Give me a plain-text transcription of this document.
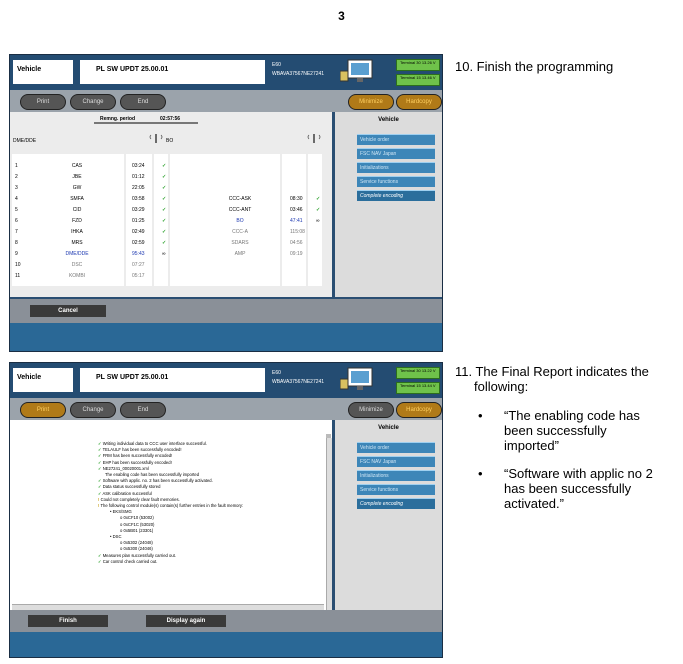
3
Vehicle	PL SW UPDT 25.00.01
E60
WBAVA37567NE27241
Terminal 30 13.26 V
Terminal 15 13.46 V
Print	Change	End	Minimize	Hardcopy
Remng. period	02:57:56
DME/DDE	BO
1	CAS	03:24	✓
2	JBE	01:12	✓
3	GW	22:05	✓
4	SMFA	03:58	✓	CCC-ASK	08:30	✓
5	CID	03:29	✓	CCC-ANT	03:46	✓
6	FZD	01:25	✓	BO	47:41	∞
7	IHKA	02:49	✓	CCC-A	115:08
8	MRS	02:59	✓	SDARS	04:56
9	DME/DDE	95:43	∞	AMP	09:19
10	DSC	07:27
11	KOMBI	05:17
Vehicle
Vehicle order
FSC NAV Japan
Initializations
Service functions
Complete encoding
Cancel
Vehicle	PL SW UPDT 25.00.01
E60
WBAVA37567NE27241
Terminal 30 13.22 V
Terminal 15 13.44 V
Print	Change	End	Minimize	Hardcopy
✓ Writing individual data to CCC user interface successful.
✓ TELAULF has been successfully encoded!
✓ FRM has been successfully encoded!
✓ EHP has been successfully encoded!
✓ NE27241_00020001.xml
The enabling code has been successfully imported
✓ Software with applic. no. 2 has been successfully activated.
✓ Data status successfully stored
✓ ASK calibration successful
! Could not completely clear fault memories.
! The following control module(s) contain(s) further entries in the fault memory:
• EKS/SMG
o 0xCF10 (53002)
o 0xCF1C (53020)
o 0x5B01 (23301)
• DSC
o 0x5302 (24048)
o 0x5300 (24046)
✓ Measures plan successfully carried out.
✓ Car control check carried out.
Vehicle
Vehicle order
FSC NAV Japan
Initializations
Service functions
Complete encoding
Finish	Display again
10. Finish the programming
11. The Final Report indicates the
following:
• “The enabling code has
been successfully
imported”
• “Software with applic no 2
has been successfully
activated.”
